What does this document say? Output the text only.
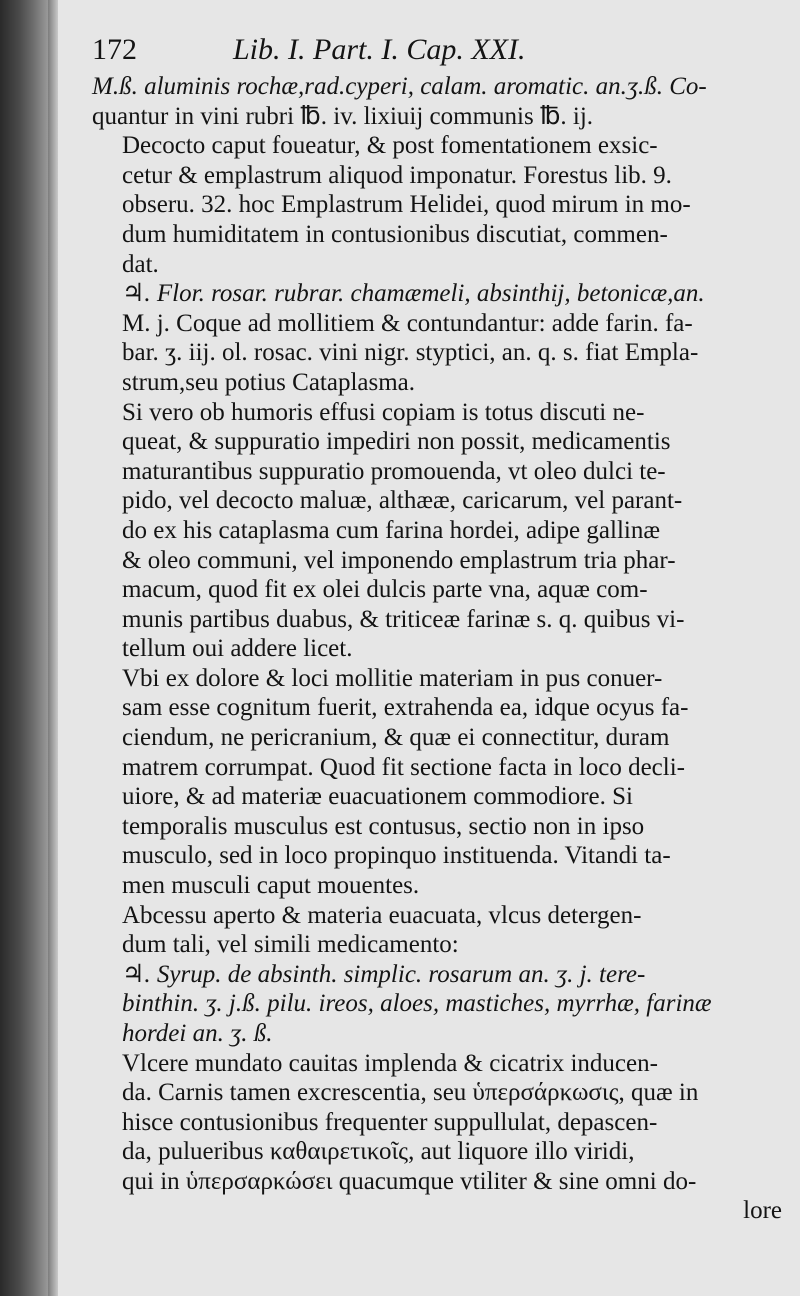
172	Lib. I. Part. I. Cap. XXI.
M.ß. aluminis rochæ,rad.cyperi, calam. aromatic. an.ʒ.ß. Co-
quantur in vini rubri ℔. iv. lixiuij communis ℔. ij.
Decocto caput foueatur, & post fomentationem exsic-
cetur & emplastrum aliquod imponatur. Forestus lib. 9.
obseru. 32. hoc Emplastrum Helidei, quod mirum in mo-
dum humiditatem in contusionibus discutiat, commen-
dat.
♃. Flor. rosar. rubrar. chamæmeli, absinthij, betonicæ,an.
M. j. Coque ad mollitiem & contundantur: adde farin. fa-
bar. ʒ. iij. ol. rosac. vini nigr. styptici, an. q. s. fiat Empla-
strum,seu potius Cataplasma.
Si vero ob humoris effusi copiam is totus discuti ne-
queat, & suppuratio impediri non possit, medicamentis
maturantibus suppuratio promouenda, vt oleo dulci te-
pido, vel decocto maluæ, althææ, caricarum, vel parant-
do ex his cataplasma cum farina hordei, adipe gallinæ
& oleo communi, vel imponendo emplastrum tria phar-
macum, quod fit ex olei dulcis parte vna, aquæ com-
munis partibus duabus, & triticeæ farinæ s. q. quibus vi-
tellum oui addere licet.
Vbi ex dolore & loci mollitie materiam in pus conuer-
sam esse cognitum fuerit, extrahenda ea, idque ocyus fa-
ciendum, ne pericranium, & quæ ei connectitur, duram
matrem corrumpat. Quod fit sectione facta in loco decli-
uiore, & ad materiæ euacuationem commodiore. Si
temporalis musculus est contusus, sectio non in ipso
musculo, sed in loco propinquo instituenda. Vitandi ta-
men musculi caput mouentes.
Abcessu aperto & materia euacuata, vlcus detergen-
dum tali, vel simili medicamento:
♃. Syrup. de absinth. simplic. rosarum an. ʒ. j. tere-
binthin. ʒ. j.ß. pilu. ireos, aloes, mastiches, myrrhæ, farinæ
hordei an. ʒ. ß.
Vlcere mundato cauitas implenda & cicatrix inducen-
da. Carnis tamen excrescentia, seu ὑπερσάρκωσις, quæ in
hisce contusionibus frequenter suppullulat, depascen-
da, pulueribus καθαιρετικοῖς, aut liquore illo viridi,
qui in ὑπερσαρκώσει quacumque vtiliter & sine omni do-
lore
